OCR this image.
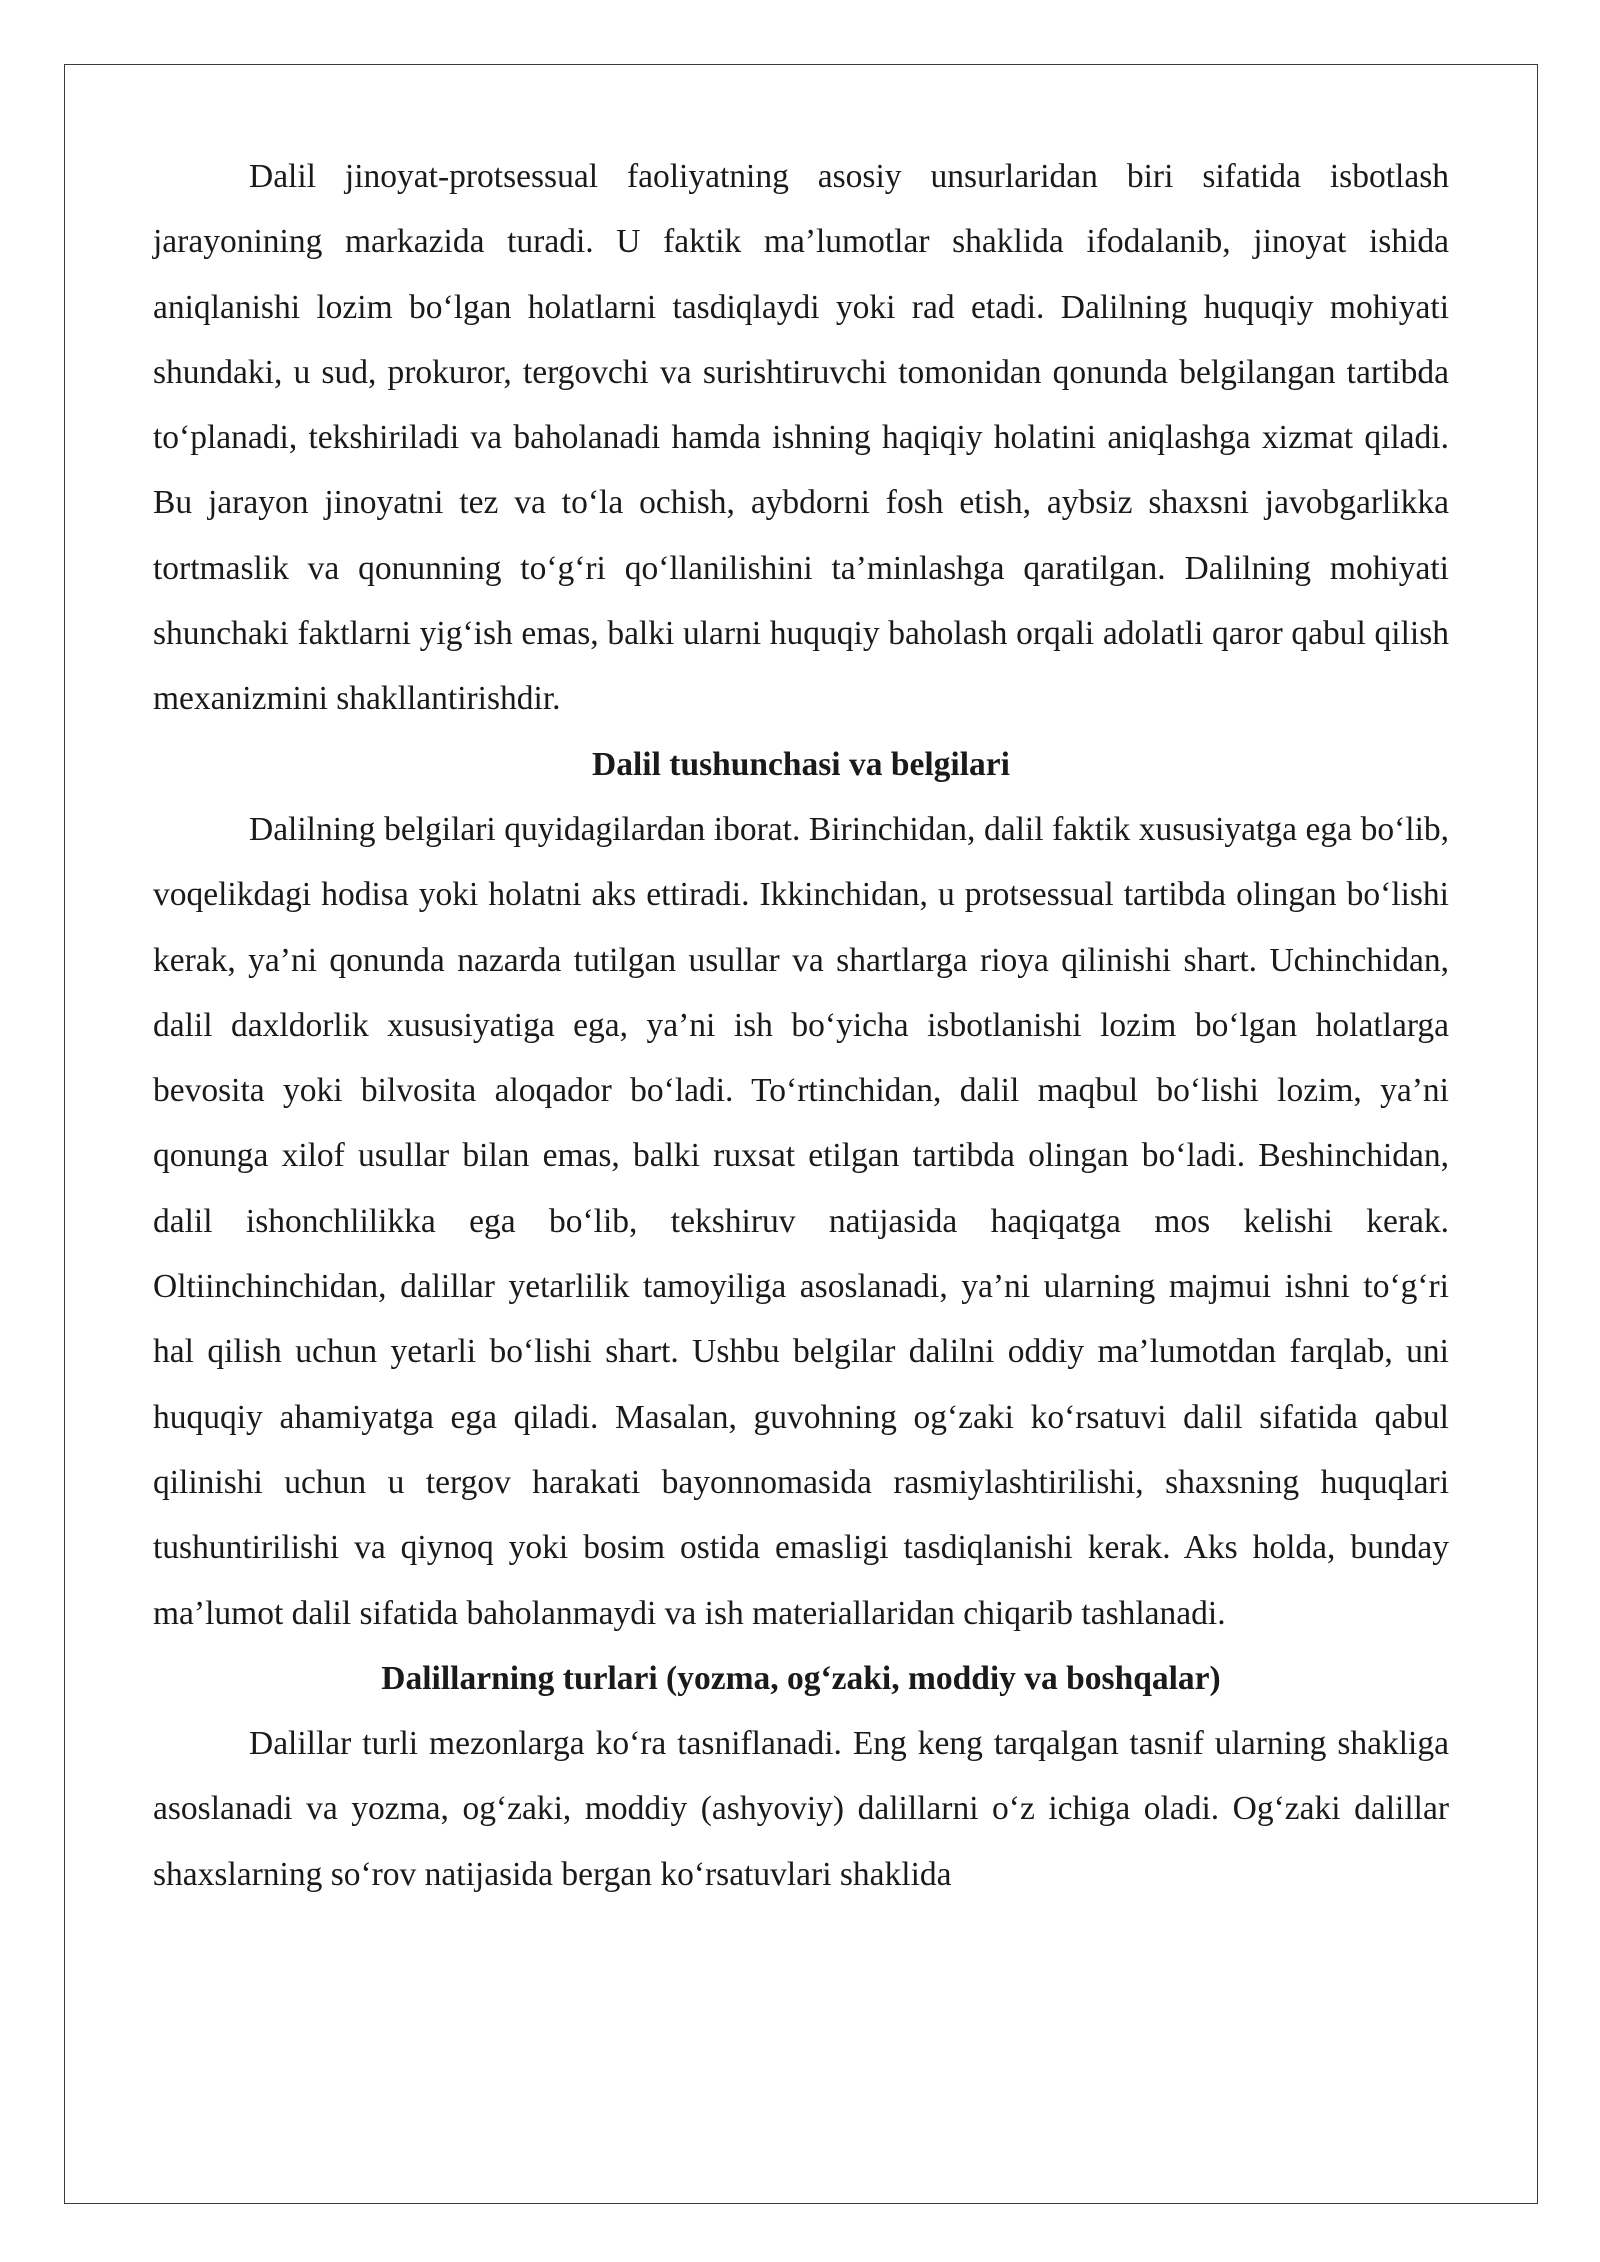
Dalil jinoyat-protsessual faoliyatning asosiy unsurlaridan biri sifatida isbotlash jarayonining markazida turadi. U faktik ma’lumotlar shaklida ifodalanib, jinoyat ishida aniqlanishi lozim bo‘lgan holatlarni tasdiqlaydi yoki rad etadi. Dalilning huquqiy mohiyati shundaki, u sud, prokuror, tergovchi va surishtiruvchi tomonidan qonunda belgilangan tartibda to‘planadi, tekshiriladi va baholanadi hamda ishning haqiqiy holatini aniqlashga xizmat qiladi. Bu jarayon jinoyatni tez va to‘la ochish, aybdorni fosh etish, aybsiz shaxsni javobgarlikka tortmaslik va qonunning to‘g‘ri qo‘llanilishini ta’minlashga qaratilgan. Dalilning mohiyati shunchaki faktlarni yig‘ish emas, balki ularni huquqiy baholash orqali adolatli qaror qabul qilish mexanizmini shakllantirishdir.

Dalil tushunchasi va belgilari

Dalilning belgilari quyidagilardan iborat. Birinchidan, dalil faktik xususiyatga ega bo‘lib, voqelikdagi hodisa yoki holatni aks ettiradi. Ikkinchidan, u protsessual tartibda olingan bo‘lishi kerak, ya’ni qonunda nazarda tutilgan usullar va shartlarga rioya qilinishi shart. Uchinchidan, dalil daxldorlik xususiyatiga ega, ya’ni ish bo‘yicha isbotlanishi lozim bo‘lgan holatlarga bevosita yoki bilvosita aloqador bo‘ladi. To‘rtinchidan, dalil maqbul bo‘lishi lozim, ya’ni qonunga xilof usullar bilan emas, balki ruxsat etilgan tartibda olingan bo‘ladi. Beshinchidan, dalil ishonchlilikka ega bo‘lib, tekshiruv natijasida haqiqatga mos kelishi kerak. Oltiinchinchidan, dalillar yetarlilik tamoyiliga asoslanadi, ya’ni ularning majmui ishni to‘g‘ri hal qilish uchun yetarli bo‘lishi shart. Ushbu belgilar dalilni oddiy ma’lumotdan farqlab, uni huquqiy ahamiyatga ega qiladi. Masalan, guvohning og‘zaki ko‘rsatuvi dalil sifatida qabul qilinishi uchun u tergov harakati bayonnomasida rasmiylashtirilishi, shaxsning huquqlari tushuntirilishi va qiynoq yoki bosim ostida emasligi tasdiqlanishi kerak. Aks holda, bunday ma’lumot dalil sifatida baholanmaydi va ish materiallaridan chiqarib tashlanadi.

Dalillarning turlari (yozma, og‘zaki, moddiy va boshqalar)

Dalillar turli mezonlarga ko‘ra tasniflanadi. Eng keng tarqalgan tasnif ularning shakliga asoslanadi va yozma, og‘zaki, moddiy (ashyoviy) dalillarni o‘z ichiga oladi. Og‘zaki dalillar shaxslarning so‘rov natijasida bergan ko‘rsatuvlari shaklida
